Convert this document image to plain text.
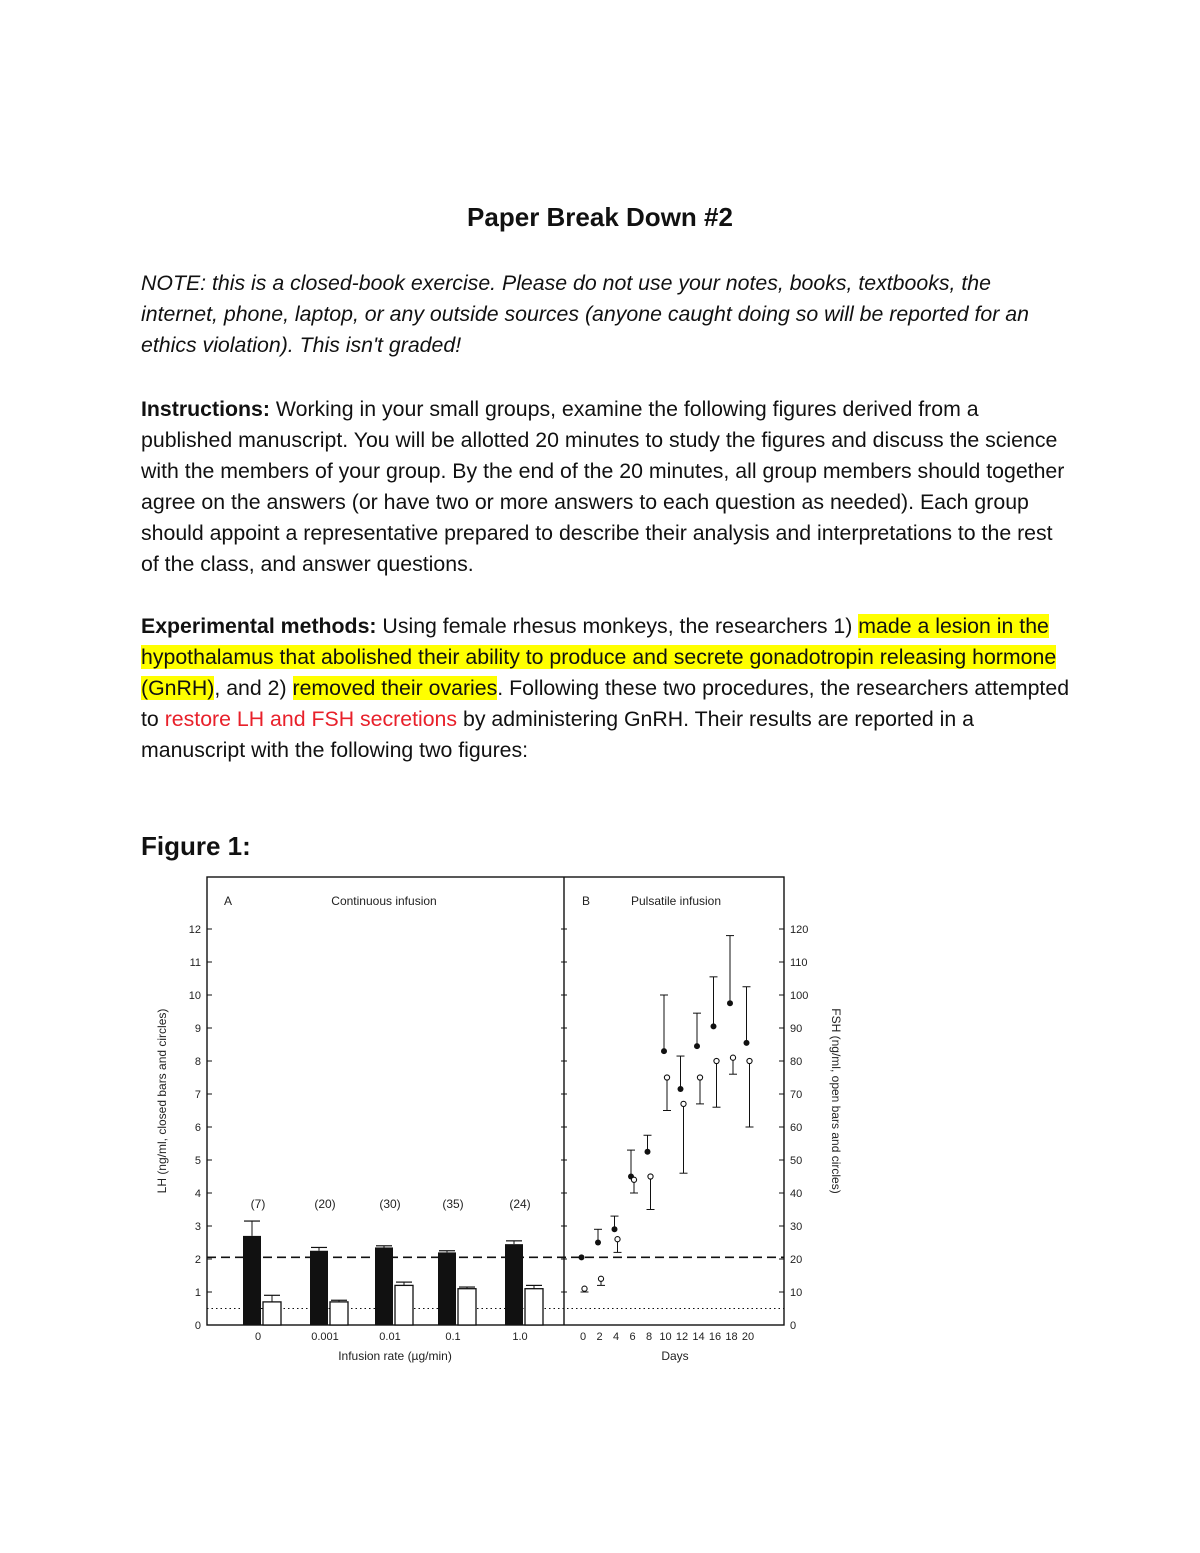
Paper Break Down #2
NOTE: this is a closed-book exercise. Please do not use your notes, books, textbooks, the internet, phone, laptop, or any outside sources (anyone caught doing so will be reported for an ethics violation). This isn't graded!
Instructions: Working in your small groups, examine the following figures derived from a published manuscript. You will be allotted 20 minutes to study the figures and discuss the science with the members of your group. By the end of the 20 minutes, all group members should together agree on the answers (or have two or more answers to each question as needed). Each group should appoint a representative prepared to describe their analysis and interpretations to the rest of the class, and answer questions.
Experimental methods: Using female rhesus monkeys, the researchers 1) made a lesion in the hypothalamus that abolished their ability to produce and secrete gonadotropin releasing hormone (GnRH), and 2) removed their ovaries. Following these two procedures, the researchers attempted to restore LH and FSH secretions by administering GnRH. Their results are reported in a manuscript with the following two figures:
Figure 1:
A	Continuous infusion	B	Pulsatile infusion
Infusion rate (µg/min)	Days
LH (ng/ml, closed bars and circles)	FSH (ng/ml, open bars and circles)
0
1
2
3
4
5
6
7
8
9
10
11
12
0
10
20
30
40
50
60
70
80
90
100
110
120
(7)
0
(20)
0.001
(30)
0.01
(35)
0.1
(24)
1.0	0 2 4 6 8 10 12 14 16 18 20
